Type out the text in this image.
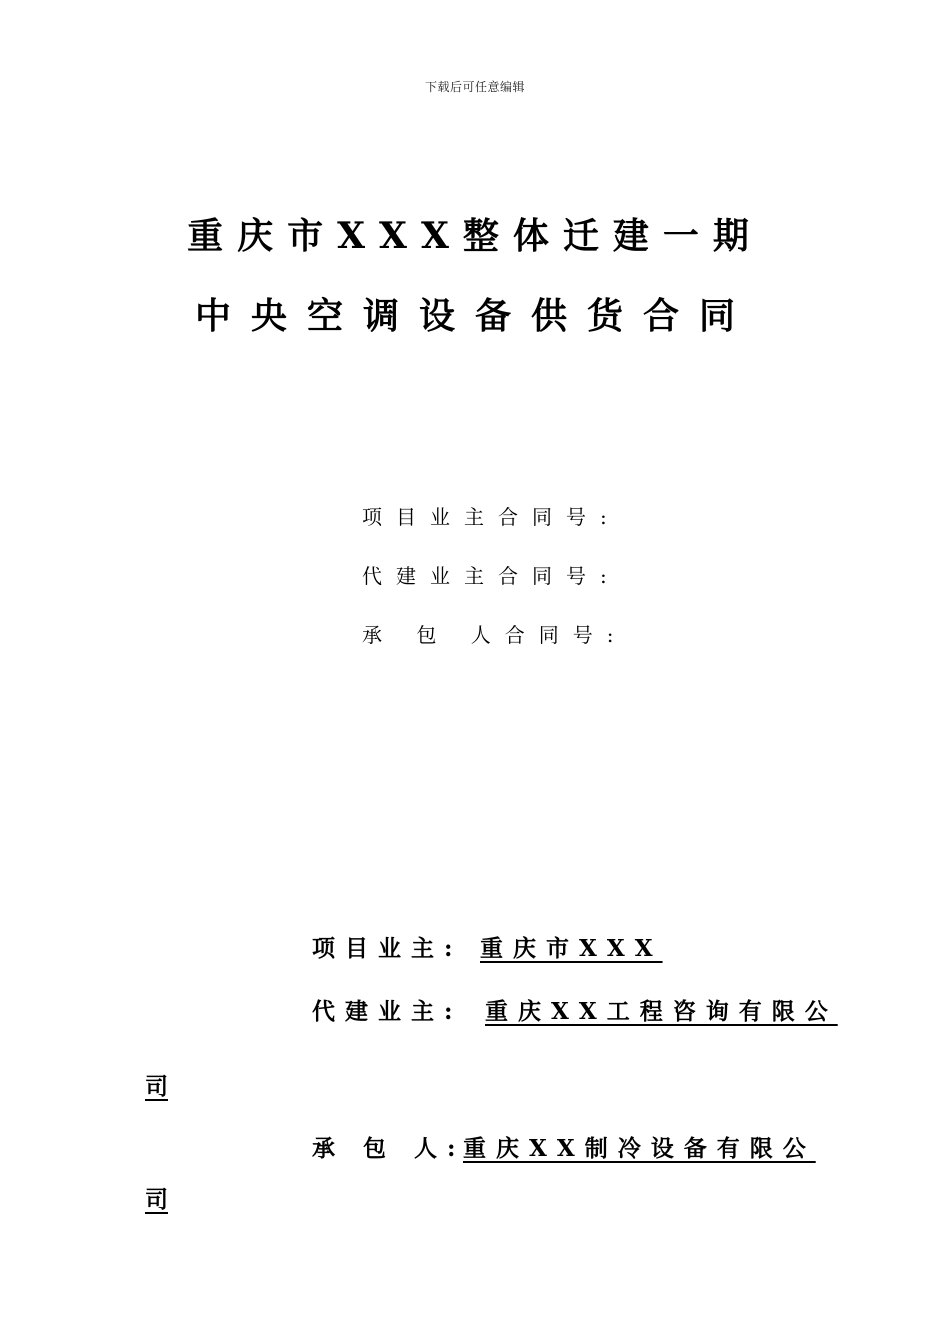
下载后可任意编辑
重庆市XXX整体迁建一期
中央空调设备供货合同
项目业主合同号:
代建业主合同号:
承 包 人合同号:
项目业主: 重庆市XXX
代建业主: 重庆XX工程咨询有限公
司
承 包 人:
重庆XX制冷设备有限公
司
